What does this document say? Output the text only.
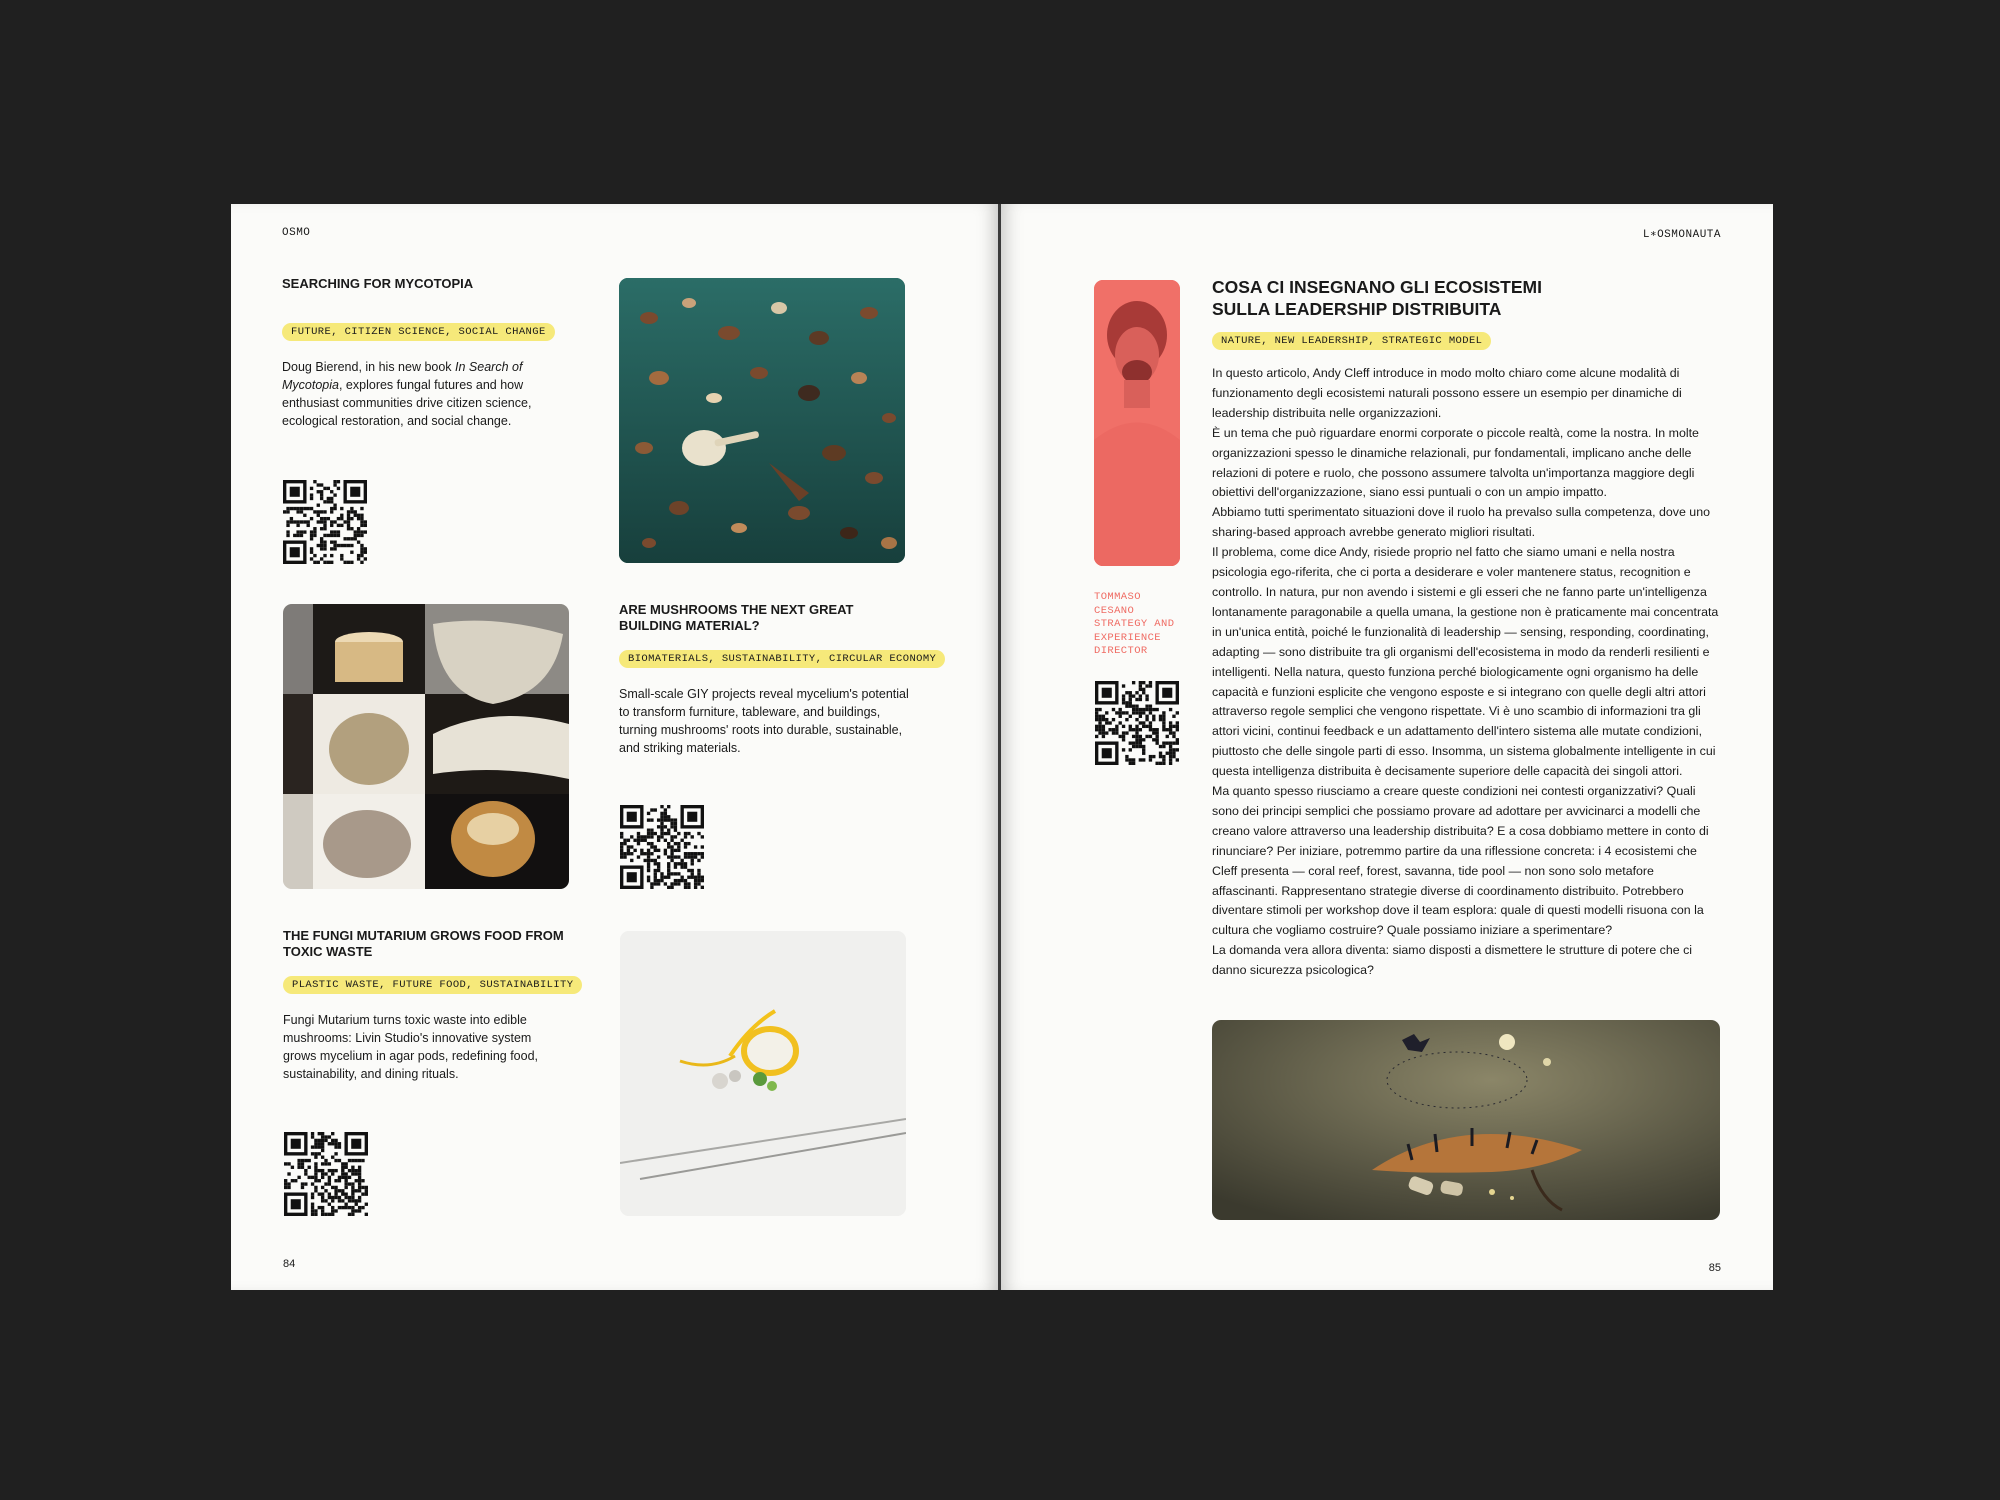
OSMO
SEARCHING FOR MYCOTOPIA
FUTURE, CITIZEN SCIENCE, SOCIAL CHANGE
Doug Bierend, in his new book In Search of Mycotopia, explores fungal futures and how enthusiast communities drive citizen science, ecological restoration, and social change.
ARE MUSHROOMS THE NEXT GREAT BUILDING MATERIAL?
BIOMATERIALS, SUSTAINABILITY, CIRCULAR ECONOMY
Small-scale GIY projects reveal mycelium's potential to transform furniture, tableware, and buildings, turning mushrooms' roots into durable, sustainable, and striking materials.
THE FUNGI MUTARIUM GROWS FOOD FROM TOXIC WASTE
PLASTIC WASTE, FUTURE FOOD, SUSTAINABILITY
Fungi Mutarium turns toxic waste into edible mushrooms: Livin Studio's innovative system grows mycelium in agar pods, redefining food, sustainability, and dining rituals.
84
L∗OSMONAUTA
TOMMASO
CESANO
STRATEGY AND
EXPERIENCE
DIRECTOR
COSA CI INSEGNANO GLI ECOSISTEMI
SULLA LEADERSHIP DISTRIBUITA
NATURE, NEW LEADERSHIP, STRATEGIC MODEL

In questo articolo, Andy Cleff introduce in modo molto chiaro come alcune modalità di funzionamento degli ecosistemi naturali possono essere un esempio per dinamiche di leadership distribuita nelle organizzazioni.

È un tema che può riguardare enormi corporate o piccole realtà, come la nostra. In molte organizzazioni spesso le dinamiche relazionali, pur fondamentali, implicano anche delle relazioni di potere e ruolo, che possono assumere talvolta un'importanza maggiore degli obiettivi dell'organizzazione, siano essi puntuali o con un ampio impatto.

Abbiamo tutti sperimentato situazioni dove il ruolo ha prevalso sulla competenza, dove uno sharing-based approach avrebbe generato migliori risultati.

Il problema, come dice Andy, risiede proprio nel fatto che siamo umani e nella nostra psicologia ego-riferita, che ci porta a desiderare e voler mantenere status, recognition e controllo. In natura, pur non avendo i sistemi e gli esseri che ne fanno parte un'intelligenza lontanamente paragonabile a quella umana, la gestione non è praticamente mai concentrata in un'unica entità, poiché le funzionalità di leadership — sensing, responding, coordinating, adapting — sono distribuite tra gli organismi dell'ecosistema in modo da renderli resilienti e intelligenti. Nella natura, questo funziona perché biologicamente ogni organismo ha delle capacità e funzioni esplicite che vengono esposte e si integrano con quelle degli altri attori attraverso regole semplici che vengono rispettate. Vi è uno scambio di informazioni tra gli attori vicini, continui feedback e un adattamento dell'intero sistema alle mutate condizioni, piuttosto che delle singole parti di esso. Insomma, un sistema globalmente intelligente in cui questa intelligenza distribuita è decisamente superiore delle capacità dei singoli attori.

Ma quanto spesso riusciamo a creare queste condizioni nei contesti organizzativi? Quali sono dei principi semplici che possiamo provare ad adottare per avvicinarci a modelli che creano valore attraverso una leadership distribuita? E a cosa dobbiamo mettere in conto di rinunciare? Per iniziare, potremmo partire da una riflessione concreta: i 4 ecosistemi che Cleff presenta — coral reef, forest, savanna, tide pool — non sono solo metafore affascinanti. Rappresentano strategie diverse di coordinamento distribuito. Potrebbero diventare stimoli per workshop dove il team esplora: quale di questi modelli risuona con la cultura che vogliamo costruire? Quale possiamo iniziare a sperimentare?

La domanda vera allora diventa: siamo disposti a dismettere le strutture di potere che ci danno sicurezza psicologica?

85
